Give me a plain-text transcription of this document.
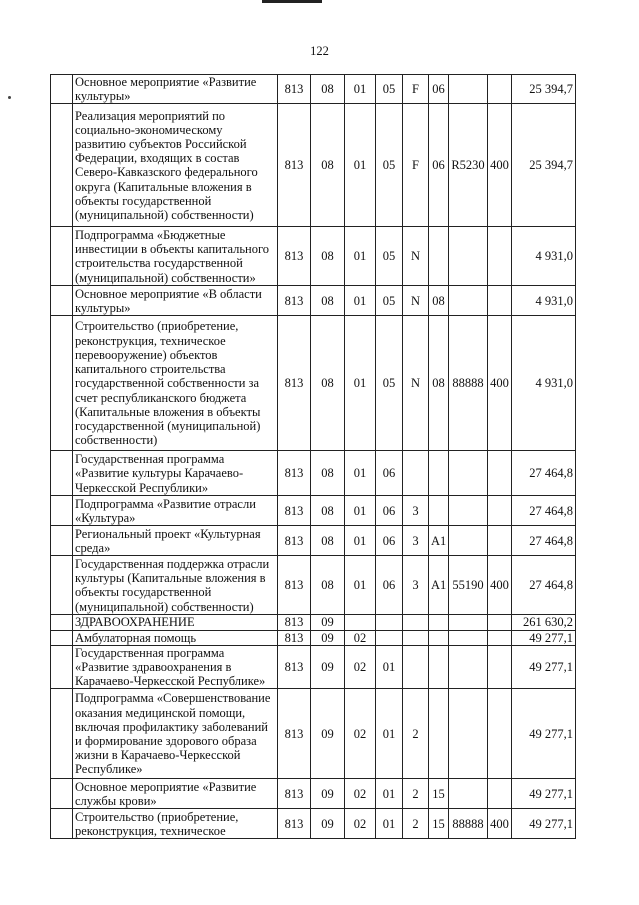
122
	Основное мероприятие «Развитие культуры»	813	08	01	05	F	06			25 394,7
	Реализация мероприятий по социально-экономическому развитию субъектов Российской Федерации, входящих в состав Северо-Кавказского федерального округа (Капитальные вложения в объекты государственной (муниципальной) собственности)	813	08	01	05	F	06	R5230	400	25 394,7
	Подпрограмма «Бюджетные инвестиции в объекты капитального строительства государственной (муниципальной) собственности»	813	08	01	05	N				4 931,0
	Основное мероприятие «В области культуры»	813	08	01	05	N	08			4 931,0
	Строительство (приобретение, реконструкция, техническое перевооружение) объектов капитального строительства государственной собственности за счет республиканского бюджета (Капитальные вложения в объекты государственной (муниципальной) собственности)	813	08	01	05	N	08	88888	400	4 931,0
	Государственная программа «Развитие культуры Карачаево-Черкесской Республики»	813	08	01	06					27 464,8
	Подпрограмма «Развитие отрасли «Культура»	813	08	01	06	3				27 464,8
	Региональный проект «Культурная среда»	813	08	01	06	3	A1			27 464,8
	Государственная поддержка отрасли культуры (Капитальные вложения в объекты государственной (муниципальной) собственности)	813	08	01	06	3	A1	55190	400	27 464,8
	ЗДРАВООХРАНЕНИЕ	813	09							261 630,2
	Амбулаторная помощь	813	09	02						49 277,1
	Государственная программа «Развитие здравоохранения в Карачаево-Черкесской Республике»	813	09	02	01					49 277,1
	Подпрограмма «Совершенствование оказания медицинской помощи, включая профилактику заболеваний и формирование здорового образа жизни в Карачаево-Черкесской Республике»	813	09	02	01	2				49 277,1
	Основное мероприятие «Развитие службы крови»	813	09	02	01	2	15			49 277,1
	Строительство (приобретение, реконструкция, техническое	813	09	02	01	2	15	88888	400	49 277,1
